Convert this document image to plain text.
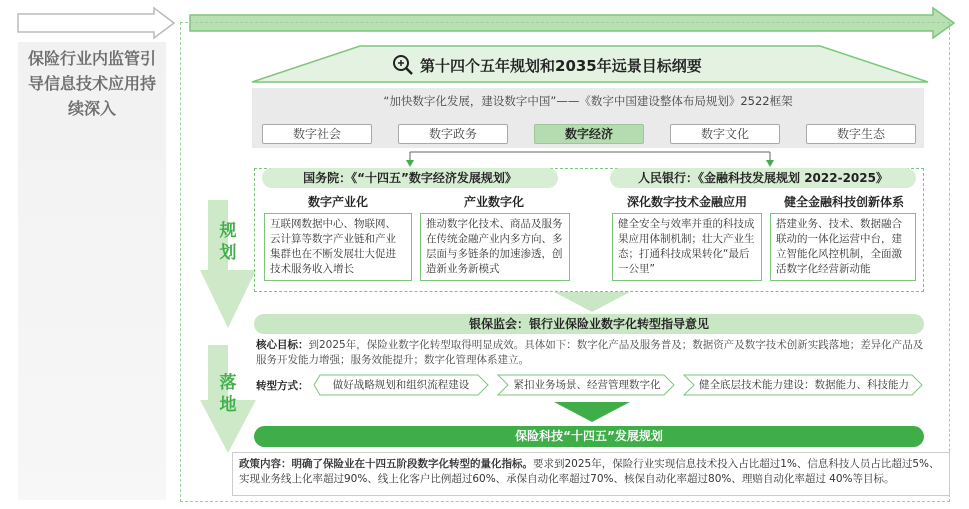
保险行业内监管引导信息技术应用持续深入
规划
落地
第十四个五年规划和2035年远景目标纲要
“加快数字化发展，建设数字中国”——《数字中国建设整体布局规划》2522框架
数字社会	数字政务	数字经济	数字文化	数字生态
国务院：《“十四五”数字经济发展规划》	人民银行：《金融科技发展规划 2022-2025》
数字产业化	产业数字化	深化数字技术金融应用	健全金融科技创新体系
互联网数据中心、物联网、云计算等数字产业链和产业集群也在不断发展壮大促进技术服务收入增长
推动数字化技术、商品及服务在传统金融产业内多方向、多层面与多链条的加速渗透，创造新业务新模式
健全安全与效率并重的科技成果应用体制机制；壮大产业生态；打通科技成果转化“最后一公里”
搭建业务、技术、数据融合联动的一体化运营中台，建立智能化风控机制，全面激活数字化经营新动能
银保监会：银行业保险业数字化转型指导意见
核心目标：到2025年，保险业数字化转型取得明显成效。具体如下：数字化产品及服务普及；数据资产及数字技术创新实践落地；差异化产品及服务开发能力增强；服务效能提升；数字化管理体系建立。
转型方式：	做好战略规划和组织流程建设	紧扣业务场景、经营管理数字化	健全底层技术能力建设：数据能力、科技能力
保险科技“十四五”发展规划
政策内容：明确了保险业在十四五阶段数字化转型的量化指标。要求到2025年，保险行业实现信息技术投入占比超过1%、信息科技人员占比超过5%、实现业务线上化率超过90%、线上化客户比例超过60%、承保自动化率超过70%、核保自动化率超过80%、理赔自动化率超过 40%等目标。
